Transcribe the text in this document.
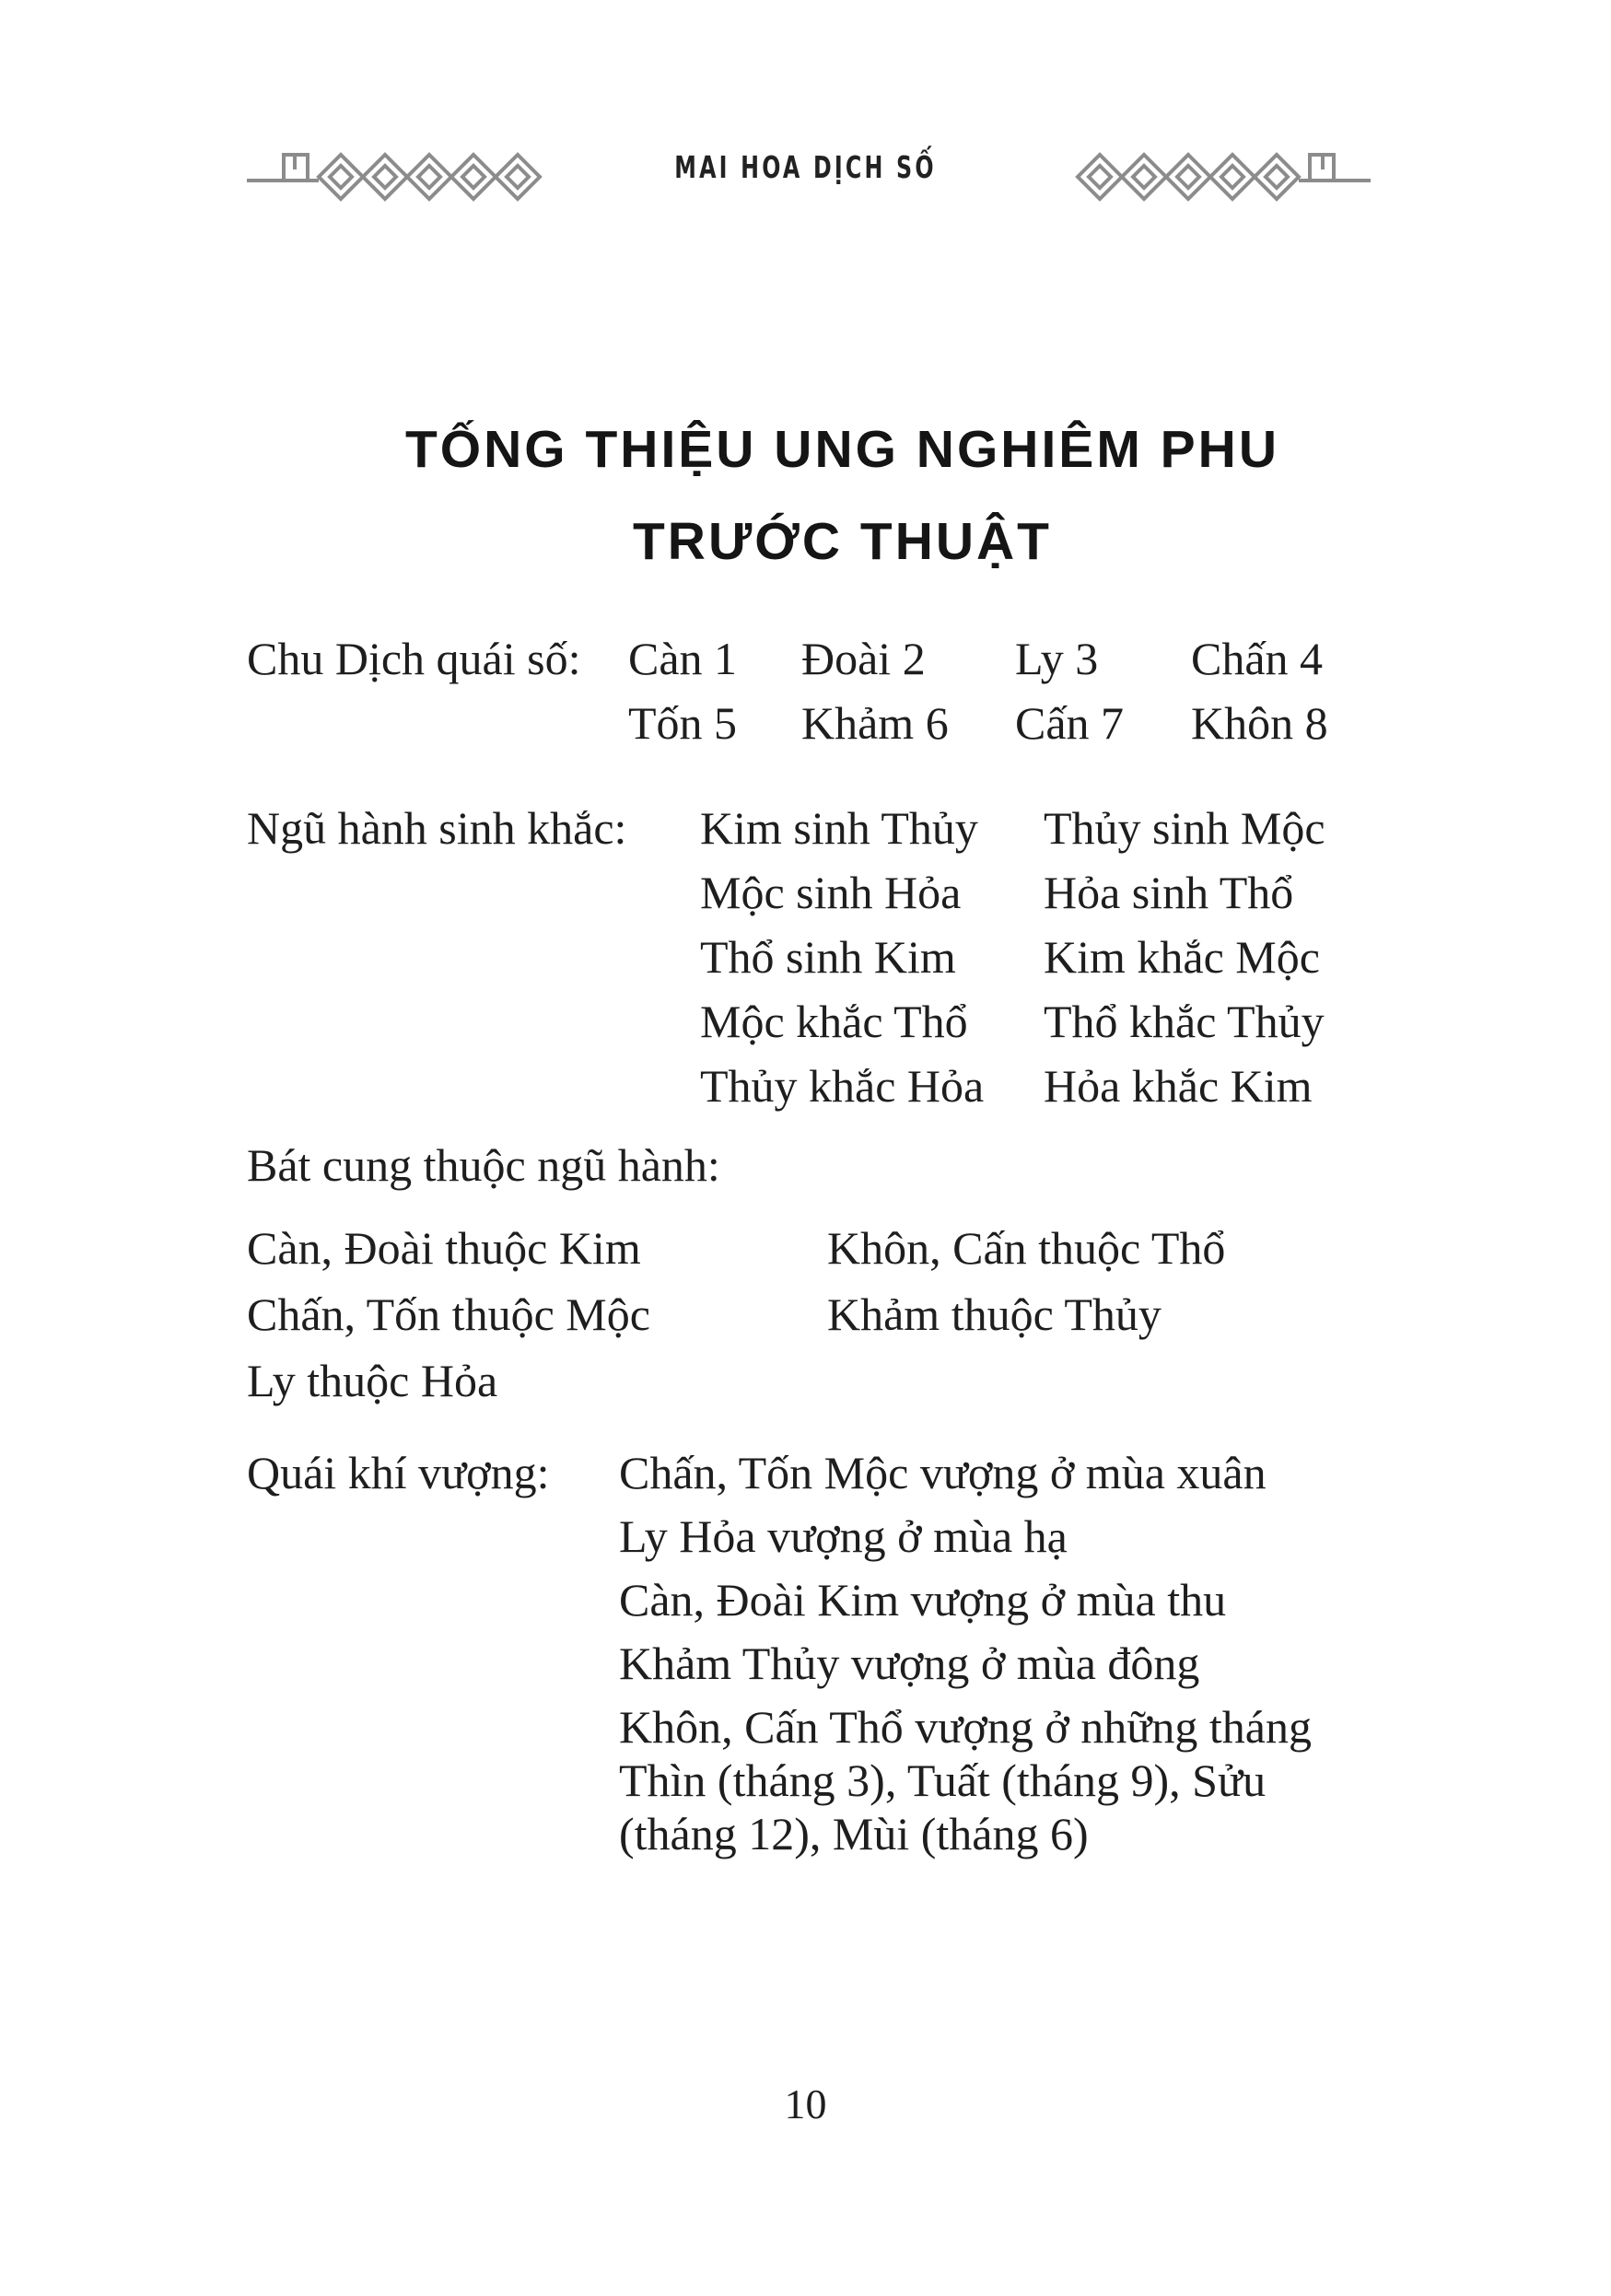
MAI HOA DỊCH SỐ
TỐNG THIỆU UNG NGHIÊM PHU
TRƯỚC THUẬT
Chu Dịch quái số: Càn 1 Đoài 2 Ly 3 Chấn 4
Tốn 5 Khảm 6 Cấn 7 Khôn 8
Ngũ hành sinh khắc: Kim sinh Thủy Thủy sinh Mộc
Mộc sinh Hỏa Hỏa sinh Thổ
Thổ sinh Kim Kim khắc Mộc
Mộc khắc Thổ Thổ khắc Thủy
Thủy khắc Hỏa Hỏa khắc Kim
Bát cung thuộc ngũ hành:
Càn, Đoài thuộc Kim	Khôn, Cấn thuộc Thổ
Chấn, Tốn thuộc Mộc	Khảm thuộc Thủy
Ly thuộc Hỏa
Quái khí vượng: Chấn, Tốn Mộc vượng ở mùa xuân
Ly Hỏa vượng ở mùa hạ
Càn, Đoài Kim vượng ở mùa thu
Khảm Thủy vượng ở mùa đông
Khôn, Cấn Thổ vượng ở những tháng
Thìn (tháng 3), Tuất (tháng 9), Sửu
(tháng 12), Mùi (tháng 6)
10
